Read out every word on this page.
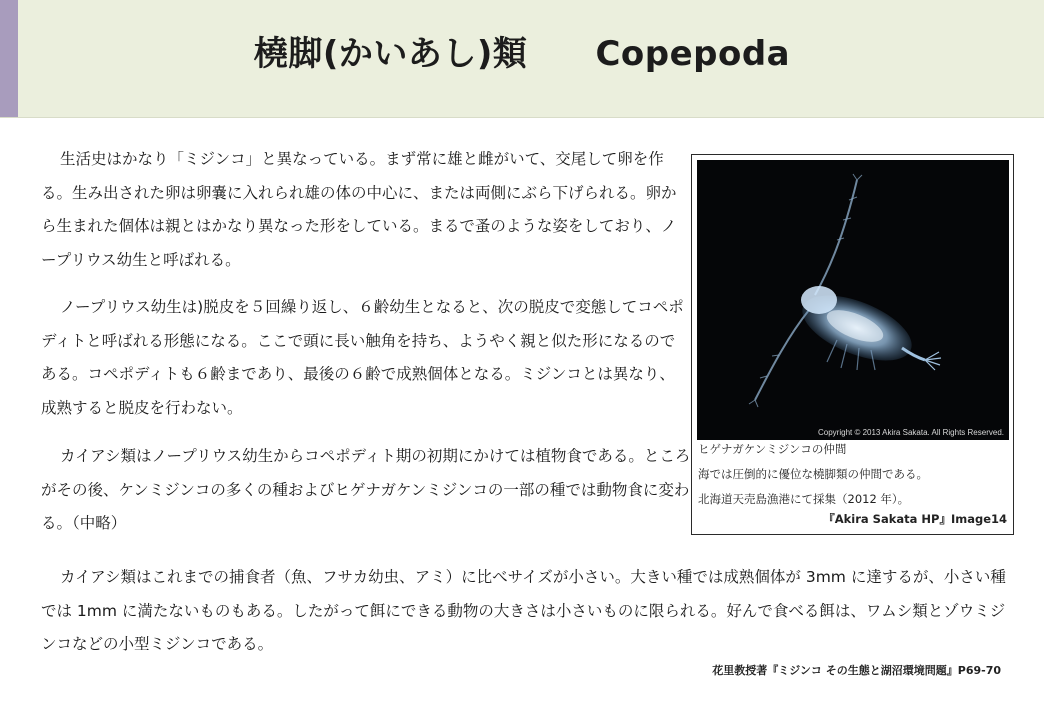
橈脚(かいあし)類 Copepoda

生活史はかなり「ミジンコ」と異なっている。まず常に雄と雌がいて、交尾して卵を作る。生み出された卵は卵嚢に入れられ雄の体の中心に、または両側にぶら下げられる。卵から生まれた個体は親とはかなり異なった形をしている。まるで蚤のような姿をしており、ノープリウス幼生と呼ばれる。

ノープリウス幼生は)脱皮を５回繰り返し、６齢幼生となると、次の脱皮で変態してコペポディトと呼ばれる形態になる。ここで頭に長い触角を持ち、ようやく親と似た形になるのである。コペポディトも６齢まであり、最後の６齢で成熟個体となる。ミジンコとは異なり、成熟すると脱皮を行わない。

カイアシ類はノープリウス幼生からコペポディト期の初期にかけては植物食である。ところがその後、ケンミジンコの多くの種およびヒゲナガケンミジンコの一部の種では動物食に変わる。（中略）

カイアシ類はこれまでの捕食者（魚、フサカ幼虫、アミ）に比べサイズが小さい。大きい種では成熟個体が 3mm に達するが、小さい種では 1mm に満たないものもある。したがって餌にできる動物の大きさは小さいものに限られる。好んで食べる餌は、ワムシ類とゾウミジンコなどの小型ミジンコである。

Copyright © 2013 Akira Sakata. All Rights Reserved.

ヒゲナガケンミジンコの仲間

海では圧倒的に優位な橈脚類の仲間である。

北海道天売島漁港にて採集（2012 年）。

『Akira Sakata HP』Image14
花里教授著『ミジンコ その生態と湖沼環境問題』P69-70
